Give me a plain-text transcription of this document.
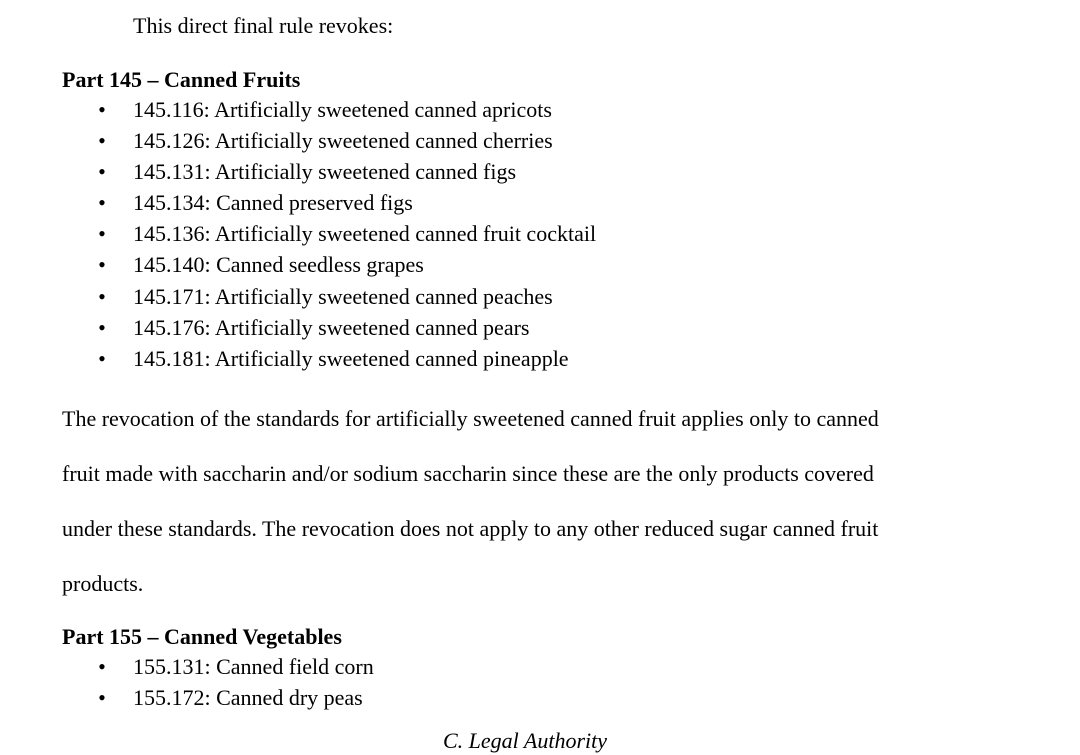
This direct final rule revokes:

Part 145 – Canned Fruits

• 145.116: Artificially sweetened canned apricots
• 145.126: Artificially sweetened canned cherries
• 145.131: Artificially sweetened canned figs
• 145.134: Canned preserved figs
• 145.136: Artificially sweetened canned fruit cocktail
• 145.140: Canned seedless grapes
• 145.171: Artificially sweetened canned peaches
• 145.176: Artificially sweetened canned pears
• 145.181: Artificially sweetened canned pineapple
The revocation of the standards for artificially sweetened canned fruit applies only to canned
fruit made with saccharin and/or sodium saccharin since these are the only products covered
under these standards. The revocation does not apply to any other reduced sugar canned fruit
products.

Part 155 – Canned Vegetables

• 155.131: Canned field corn
• 155.172: Canned dry peas

C. Legal Authority
